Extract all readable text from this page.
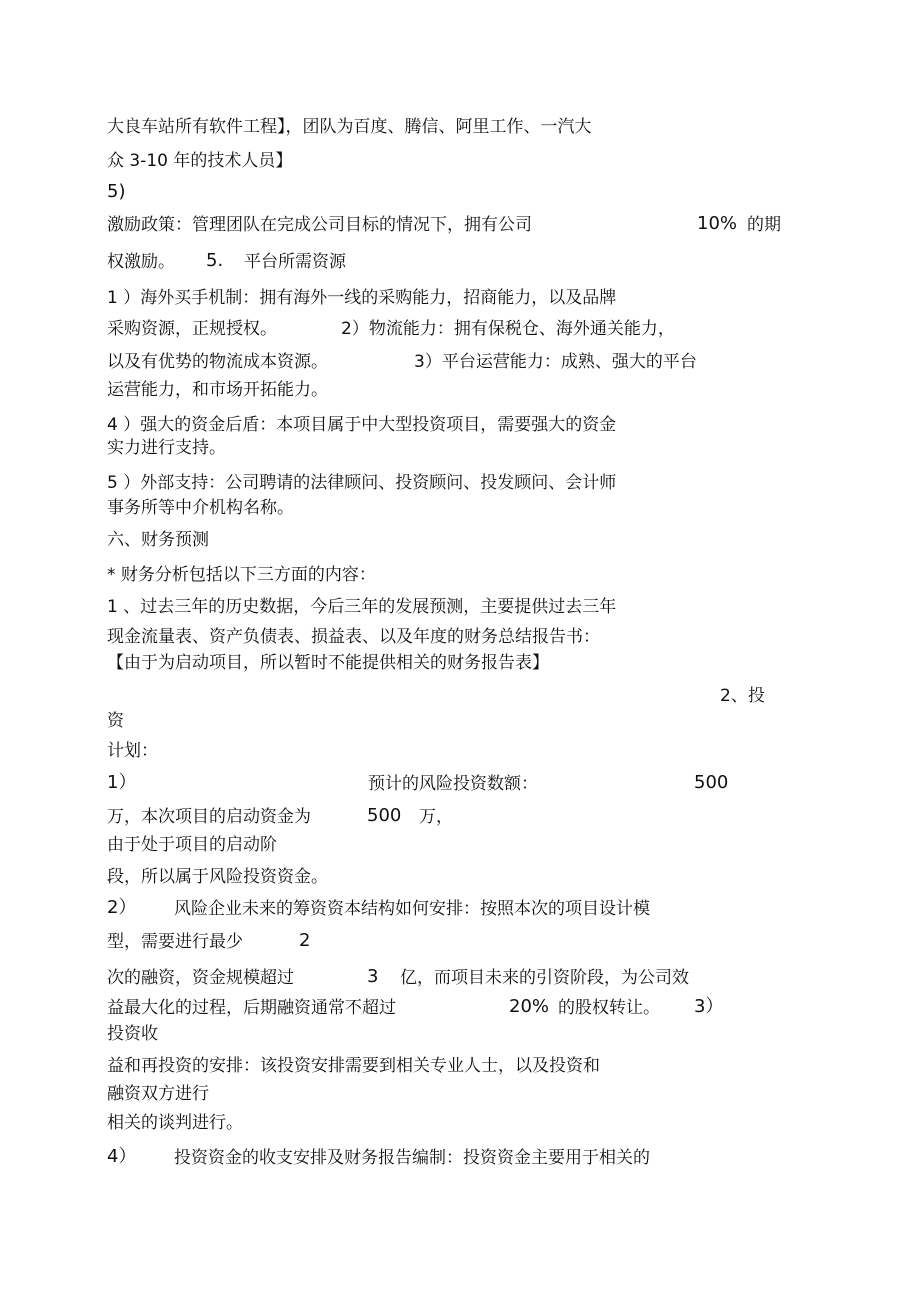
大良车站所有软件工程】，团队为百度、腾信、阿里工作、一汽大
众 3-10 年的技术人员】
5)
激励政策：管理团队在完成公司目标的情况下，拥有公司	10% 的期
权激励。 5. 平台所需资源
1 ）海外买手机制：拥有海外一线的采购能力，招商能力，以及品牌
采购资源，正规授权。	2）物流能力：拥有保税仓、海外通关能力，
以及有优势的物流成本资源。	3）平台运营能力：成熟、强大的平台
运营能力，和市场开拓能力。
4 ）强大的资金后盾：本项目属于中大型投资项目，需要强大的资金
实力进行支持。
5 ）外部支持：公司聘请的法律顾问、投资顾问、投发顾问、会计师
事务所等中介机构名称。
六、财务预测
* 财务分析包括以下三方面的内容：
1 、过去三年的历史数据，今后三年的发展预测，主要提供过去三年
现金流量表、资产负债表、损益表、以及年度的财务总结报告书：
【由于为启动项目，所以暂时不能提供相关的财务报告表】
2、投
资
计划：
1）	预计的风险投资数额：	500
万，本次项目的启动资金为	500 万，
由于处于项目的启动阶
段，所以属于风险投资资金。
2） 风险企业未来的筹资资本结构如何安排：按照本次的项目设计模
型，需要进行最少	2
次的融资，资金规模超过	3 亿，而项目未来的引资阶段，为公司效
益最大化的过程，后期融资通常不超过	20% 的股权转让。 3）
投资收
益和再投资的安排：该投资安排需要到相关专业人士，以及投资和
融资双方进行
相关的谈判进行。
4） 投资资金的收支安排及财务报告编制：投资资金主要用于相关的
